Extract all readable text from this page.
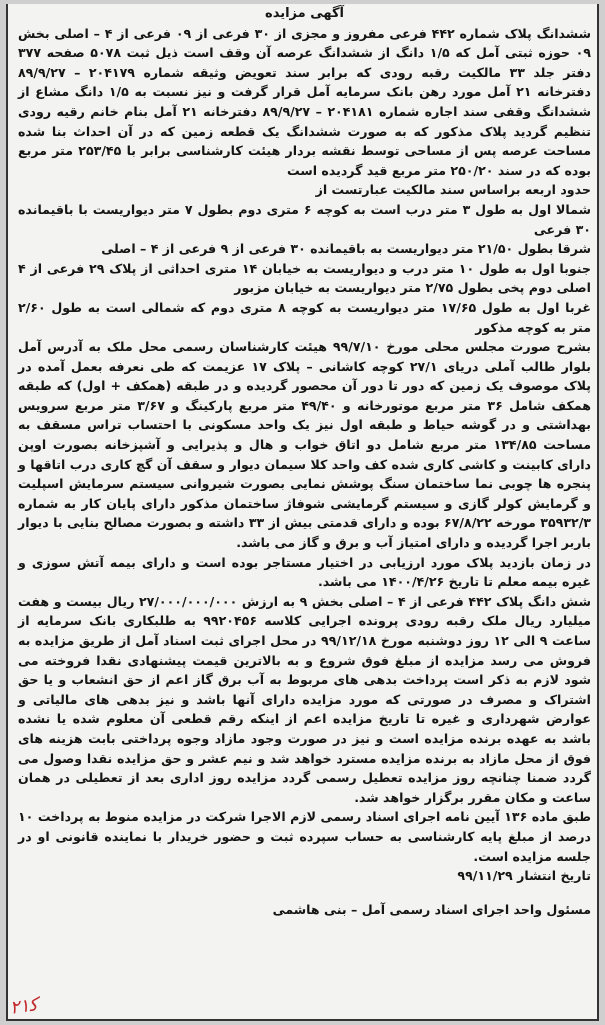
آگهی مزایده

ششدانگ پلاک شماره ۴۴۲ فرعی مفروز و مجزی از ۳۰ فرعی از ۰۹ فرعی از ۴ – اصلی بخش ۰۹ حوزه ثبتی آمل که ۱/۵ دانگ از ششدانگ عرصه آن وقف است ذیل ثبت ۵۰۷۸ صفحه ۳۷۷ دفتر جلد ۳۳ مالکیت رقبه رودی که برابر سند تعویض وثیقه شماره ۲۰۴۱۷۹ – ۸۹/۹/۲۷ دفترخانه ۲۱ آمل مورد رهن بانک سرمایه آمل قرار گرفت و نیز نسبت به ۱/۵ دانگ مشاع از ششدانگ وقفی سند اجاره شماره ۲۰۴۱۸۱ – ۸۹/۹/۲۷ دفترخانه ۲۱ آمل بنام خانم رقیه رودی تنظیم گردید پلاک مذکور که به صورت ششدانگ یک قطعه زمین که در آن احداث بنا شده مساحت عرصه پس از مساحی توسط نقشه بردار هیئت کارشناسی برابر با ۲۵۳/۴۵ متر مربع بوده که در سند ۲۵۰/۲۰ متر مربع قید گردیده است

حدود اربعه براساس سند مالکیت عبارتست از

شمالا اول به طول ۳ متر درب است به کوچه ۶ متری دوم بطول ۷ متر دیواریست با باقیمانده ۳۰ فرعی

شرقا بطول ۲۱/۵۰ متر دیواریست به باقیمانده ۳۰ فرعی از ۹ فرعی از ۴ – اصلی

جنوبا اول به طول ۱۰ متر درب و دیواریست به خیابان ۱۴ متری احداثی از پلاک ۲۹ فرعی از ۴ اصلی دوم پخی بطول ۲/۷۵ متر دیواریست به خیابان مزبور

غربا اول به طول ۱۷/۶۵ متر دیواریست به کوچه ۸ متری دوم که شمالی است به طول ۲/۶۰ متر به کوچه مذکور

بشرح صورت مجلس محلی مورخ ۹۹/۷/۱۰ هیئت کارشناسان رسمی محل ملک به آدرس آمل بلوار طالب آملی دریای ۲۷/۱ کوچه کاشانی – پلاک ۱۷ عزیمت که طی نعرفه بعمل آمده در پلاک موصوف یک زمین که دور تا دور آن محصور گردیده و در طبقه (همکف + اول) که طبقه همکف شامل ۳۶ متر مربع موتورخانه و ۴۹/۴۰ متر مربع پارکینگ و ۳/۶۷ متر مربع سرویس بهداشتی و در گوشه حیاط و طبقه اول نیز یک واحد مسکونی با احتساب تراس مسقف به مساحت ۱۳۴/۸۵ متر مربع شامل دو اتاق خواب و هال و پذیرایی و آشپزخانه بصورت اوپن دارای کابینت و کاشی کاری شده کف واحد کلا سیمان دیوار و سقف آن گچ کاری درب اتاقها و پنجره ها چوبی نما ساختمان سنگ پوشش نمایی بصورت شیروانی سیستم سرمایش اسپلیت و گرمایش کولر گازی و سیستم گرمایشی شوفاژ ساختمان مذکور دارای پایان کار به شماره ۳۵۹۳۲/۳ مورخه ۶۷/۸/۲۲ بوده و دارای قدمتی بیش از ۳۳ داشته و بصورت مصالح بنایی با دیوار باربر اجرا گردیده و دارای امتیاز آب و برق و گاز می باشد.

در زمان بازدید پلاک مورد ارزیابی در اختیار مستاجر بوده است و دارای بیمه آتش سوزی و غیره بیمه معلم تا تاریخ ۱۴۰۰/۴/۲۶ می باشد.

شش دانگ پلاک ۴۴۲ فرعی از ۴ – اصلی بخش ۹ به ارزش ۲۷/۰۰۰/۰۰۰/۰۰۰ ریال بیست و هفت میلیارد ریال ملک رقبه رودی پرونده اجرایی کلاسه ۹۹۲۰۴۵۶ به طلبکاری بانک سرمایه از ساعت ۹ الی ۱۲ روز دوشنبه مورخ ۹۹/۱۲/۱۸ در محل اجرای ثبت اسناد آمل از طریق مزایده به فروش می رسد مزایده از مبلغ فوق شروع و به بالاترین قیمت پیشنهادی نقدا فروخته می شود لازم به ذکر است پرداخت بدهی های مربوط به آب برق گاز اعم از حق انشعاب و یا حق اشتراک و مصرف در صورتی که مورد مزایده دارای آنها باشد و نیز بدهی های مالیاتی و عوارض شهرداری و غیره تا تاریخ مزایده اعم از اینکه رقم قطعی آن معلوم شده یا نشده باشد به عهده برنده مزایده است و نیز در صورت وجود مازاد وجوه پرداختی بابت هزینه های فوق از محل مازاد به برنده مزایده مسترد خواهد شد و نیم عشر و حق مزایده نقدا وصول می گردد ضمنا چنانچه روز مزایده تعطیل رسمی گردد مزایده روز اداری بعد از تعطیلی در همان ساعت و مکان مقرر برگزار خواهد شد.

طبق ماده ۱۳۶ آیین نامه اجرای اسناد رسمی لازم الاجرا شرکت در مزایده منوط به پرداخت ۱۰ درصد از مبلغ پایه کارشناسی به حساب سپرده ثبت و حضور خریدار با نماینده قانونی او در جلسه مزایده است.

تاریخ انتشار ۹۹/۱۱/۲۹

مسئول واحد اجرای اسناد رسمی آمل – بنی هاشمی

ﮐ۲۱
